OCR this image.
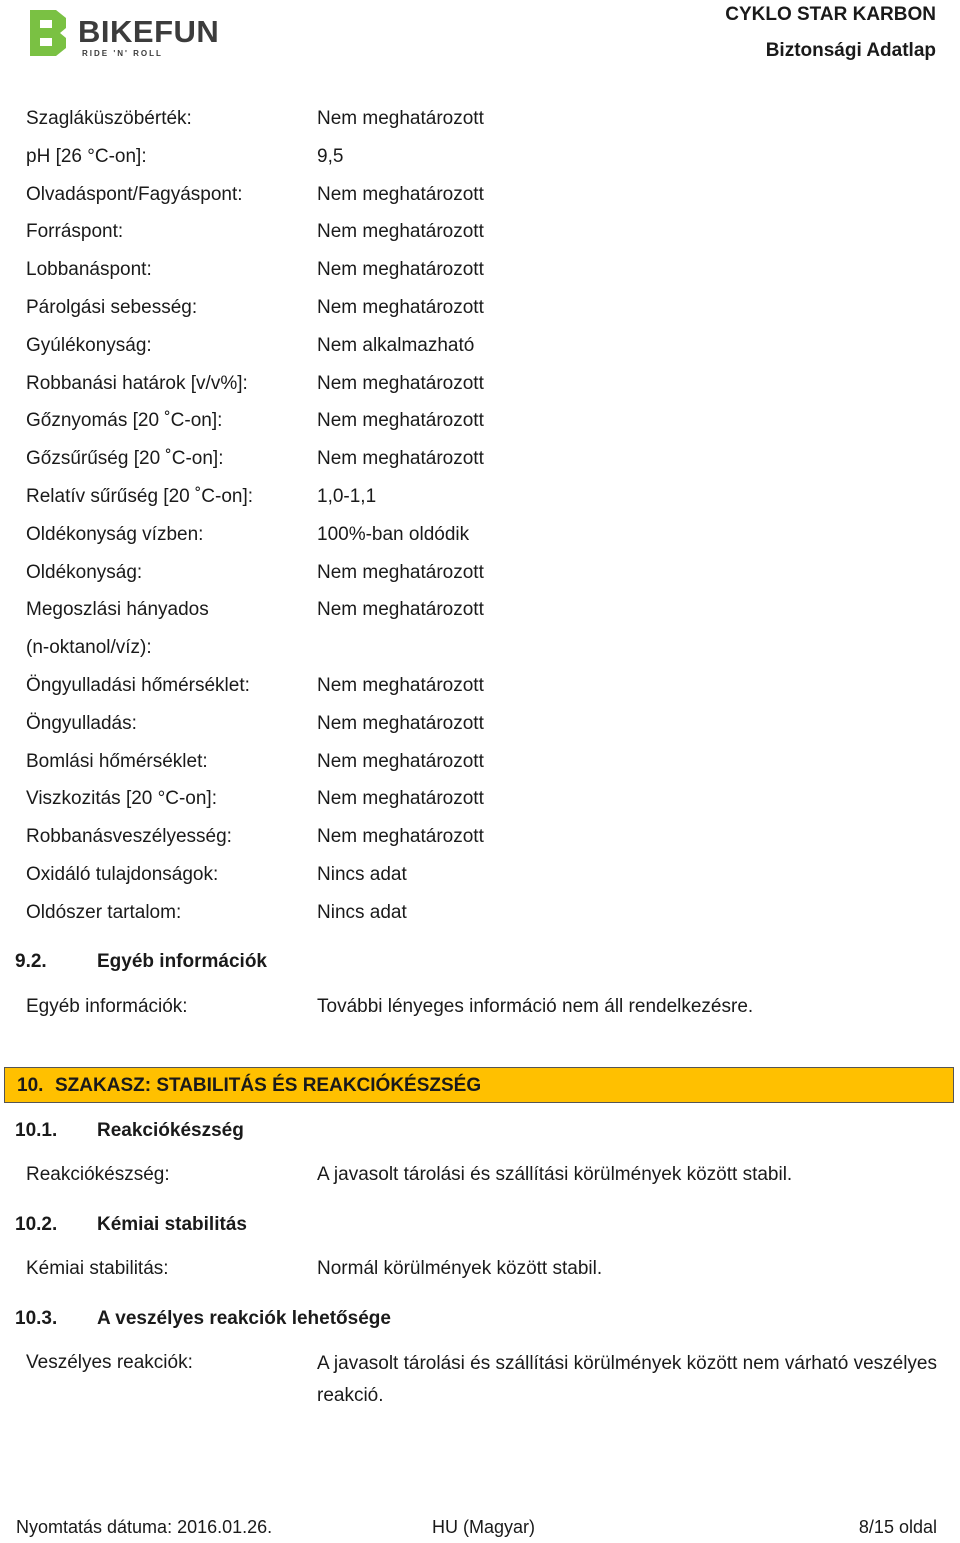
BIKEFUN
RIDE 'N' ROLL
CYKLO STAR KARBON
Biztonsági Adatlap
Szagláküszöbérték:	Nem meghatározott
pH [26 °C-on]:	9,5
Olvadáspont/Fagyáspont:	Nem meghatározott
Forráspont:	Nem meghatározott
Lobbanáspont:	Nem meghatározott
Párolgási sebesség:	Nem meghatározott
Gyúlékonyság:	Nem alkalmazható
Robbanási határok [v/v%]:	Nem meghatározott
Gőznyomás [20 ˚C-on]:	Nem meghatározott
Gőzsűrűség [20 ˚C-on]:	Nem meghatározott
Relatív sűrűség [20 ˚C-on]:	1,0-1,1
Oldékonyság vízben:	100%-ban oldódik
Oldékonyság:	Nem meghatározott
Megoszlási hányados	Nem meghatározott
(n-oktanol/víz):
Öngyulladási hőmérséklet:	Nem meghatározott
Öngyulladás:	Nem meghatározott
Bomlási hőmérséklet:	Nem meghatározott
Viszkozitás [20 °C-on]:	Nem meghatározott
Robbanásveszélyesség:	Nem meghatározott
Oxidáló tulajdonságok:	Nincs adat
Oldószer tartalom:	Nincs adat
9.2.	Egyéb információk
Egyéb információk:	További lényeges információ nem áll rendelkezésre.
10. SZAKASZ: STABILITÁS ÉS REAKCIÓKÉSZSÉG
10.1. Reakciókészség
Reakciókészség:	A javasolt tárolási és szállítási körülmények között stabil.
10.2. Kémiai stabilitás
Kémiai stabilitás:	Normál körülmények között stabil.
10.3. A veszélyes reakciók lehetősége
Veszélyes reakciók:	A javasolt tárolási és szállítási körülmények között nem várható veszélyes reakció.
Nyomtatás dátuma: 2016.01.26.	HU (Magyar)	8/15 oldal
